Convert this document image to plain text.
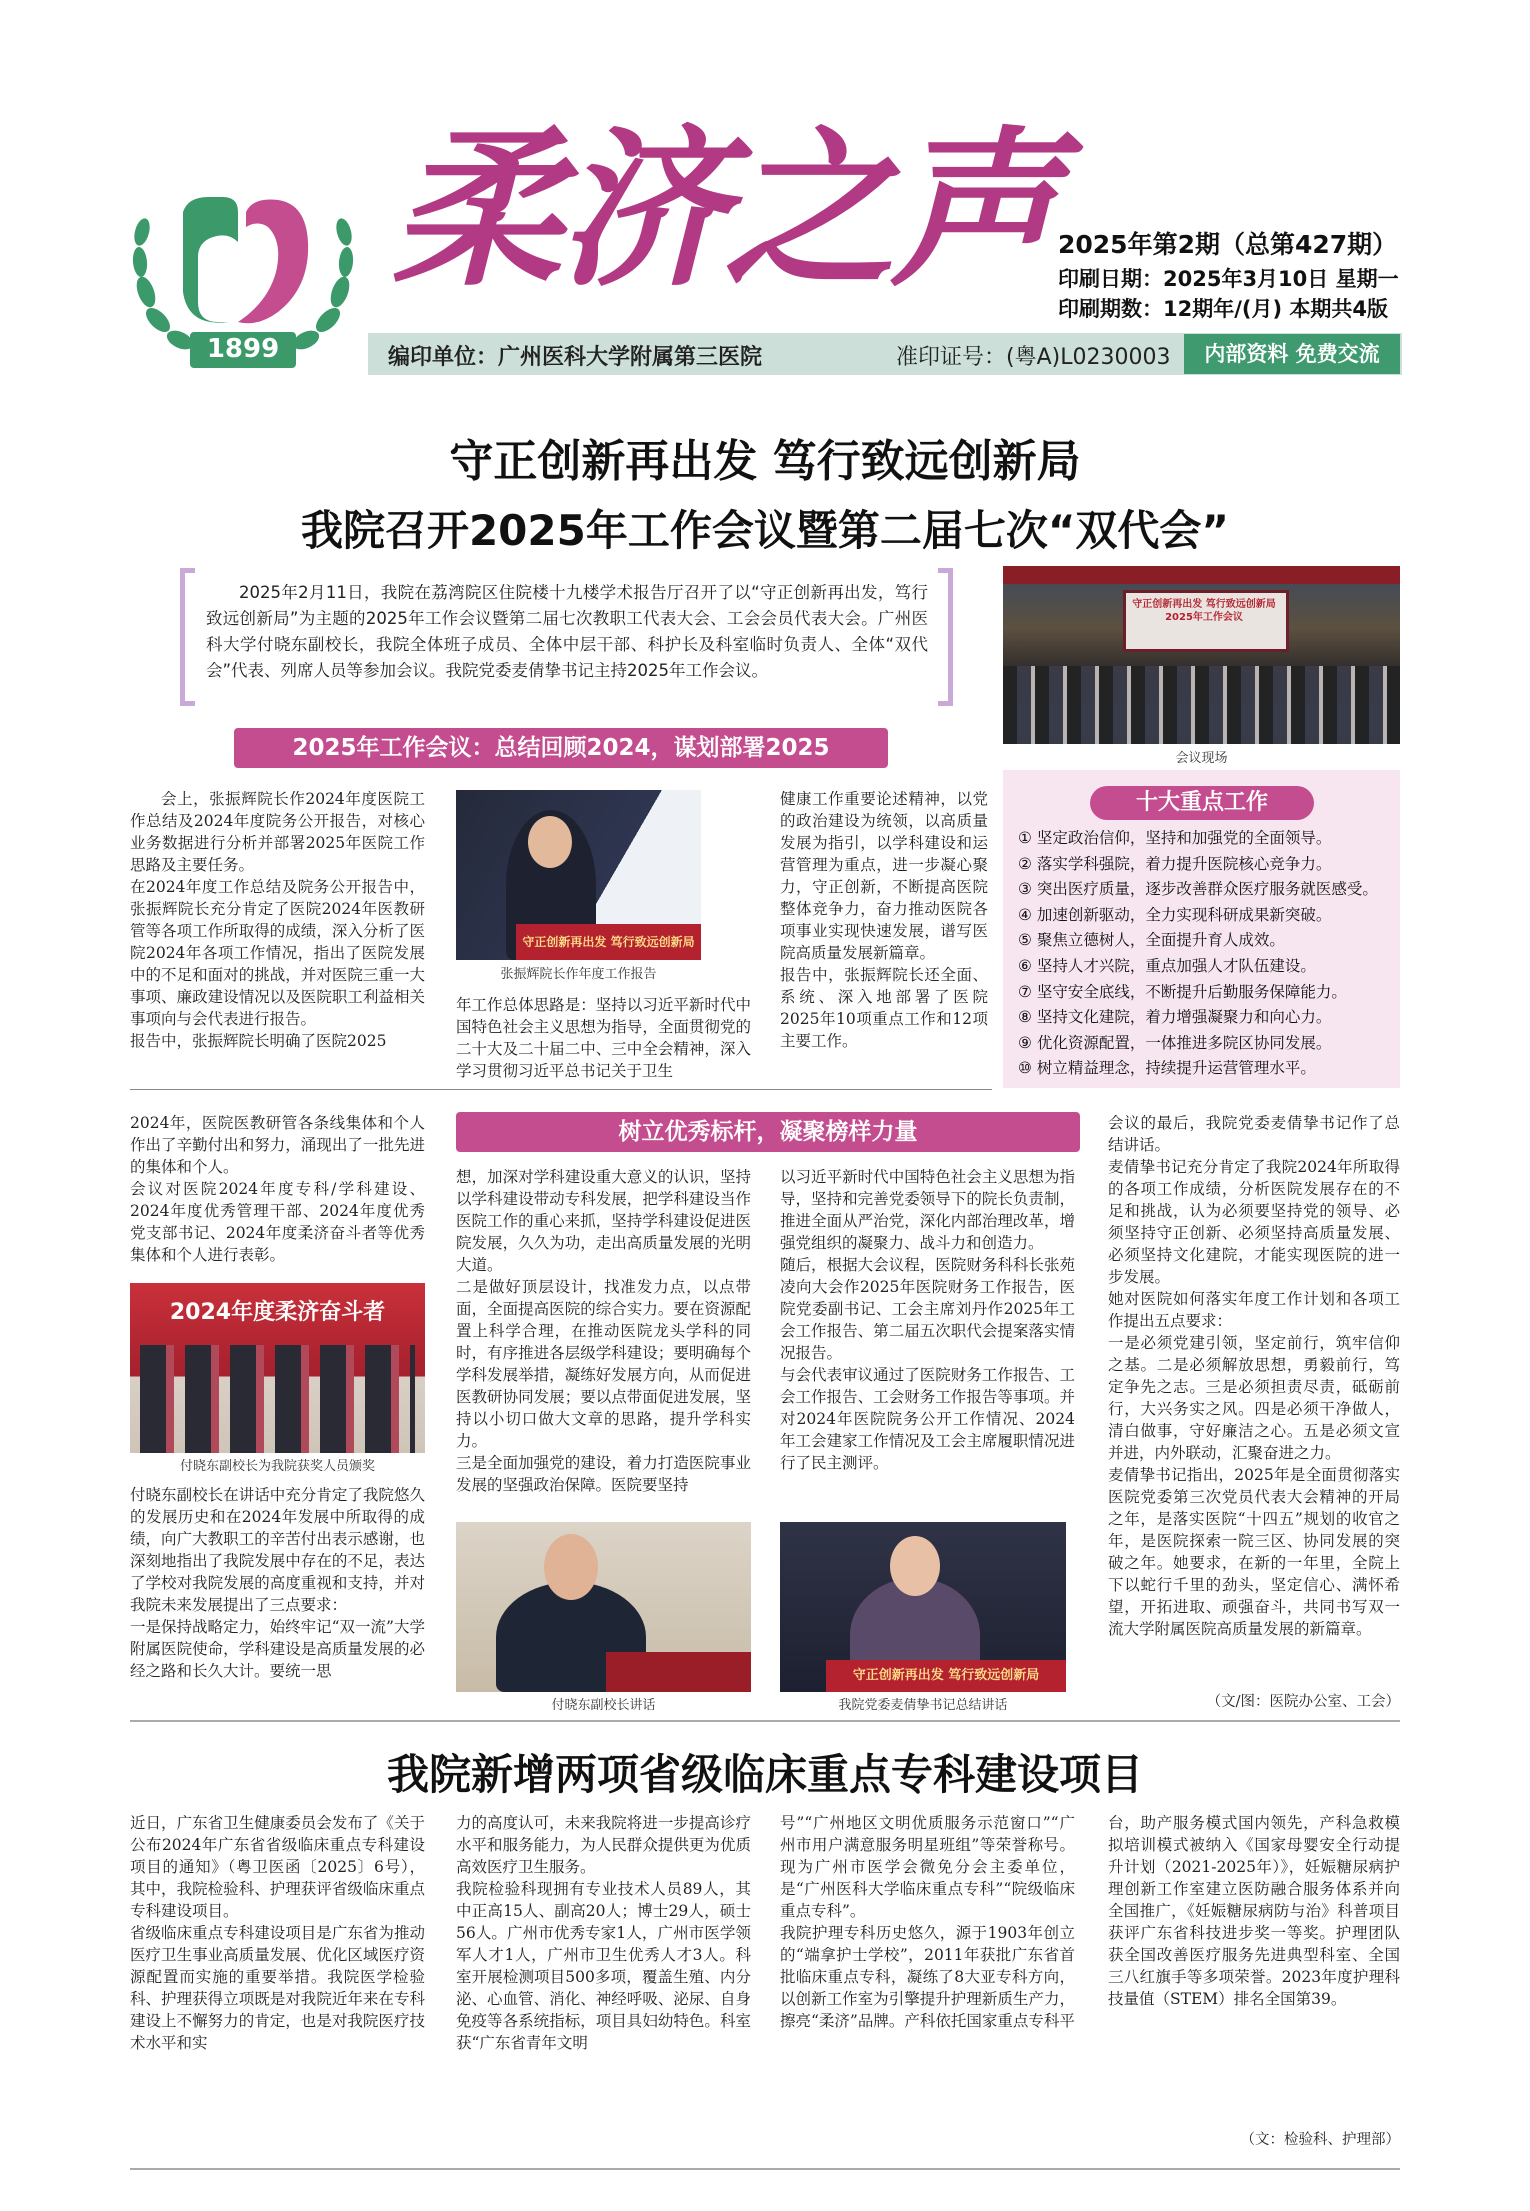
1899
柔济之声 2025年第2期（总第427期）
印刷日期：2025年3月10日 星期一
印刷期数：12期年/(月) 本期共4版
编印单位：广州医科大学附属第三医院	准印证号：(粤A)L0230003	内部资料 免费交流
守正创新再出发 笃行致远创新局
我院召开2025年工作会议暨第二届七次“双代会”

2025年2月11日，我院在荔湾院区住院楼十九楼学术报告厅召开了以“守正创新再出发，笃行致远创新局”为主题的2025年工作会议暨第二届七次教职工代表大会、工会会员代表大会。广州医科大学付晓东副校长，我院全体班子成员、全体中层干部、科护长及科室临时负责人、全体“双代会”代表、列席人员等参加会议。我院党委麦倩挚书记主持2025年工作会议。

守正创新再出发 笃行致远创新局 2025年工作会议
会议现场
2025年工作会议：总结回顾2024，谋划部署2025
会上，张振辉院长作2024年度医院工作总结及2024年度院务公开报告，对核心业务数据进行分析并部署2025年医院工作思路及主要任务。
在2024年度工作总结及院务公开报告中，张振辉院长充分肯定了医院2024年医教研管等各项工作所取得的成绩，深入分析了医院2024年各项工作情况，指出了医院发展中的不足和面对的挑战，并对医院三重一大事项、廉政建设情况以及医院职工利益相关事项向与会代表进行报告。
报告中，张振辉院长明确了医院2025
守正创新再出发 笃行致远创新局
张振辉院长作年度工作报告
年工作总体思路是：坚持以习近平新时代中国特色社会主义思想为指导，全面贯彻党的二十大及二十届二中、三中全会精神，深入学习贯彻习近平总书记关于卫生
健康工作重要论述精神，以党的政治建设为统领，以高质量发展为指引，以学科建设和运营管理为重点，进一步凝心聚力，守正创新，不断提高医院整体竞争力，奋力推动医院各项事业实现快速发展，谱写医院高质量发展新篇章。
报告中，张振辉院长还全面、系统、深入地部署了医院2025年10项重点工作和12项主要工作。
十大重点工作
① 坚定政治信仰，坚持和加强党的全面领导。
② 落实学科强院，着力提升医院核心竞争力。
③ 突出医疗质量，逐步改善群众医疗服务就医感受。
④ 加速创新驱动，全力实现科研成果新突破。
⑤ 聚焦立德树人，全面提升育人成效。
⑥ 坚持人才兴院，重点加强人才队伍建设。
⑦ 坚守安全底线，不断提升后勤服务保障能力。
⑧ 坚持文化建院，着力增强凝聚力和向心力。
⑨ 优化资源配置，一体推进多院区协同发展。
⑩ 树立精益理念，持续提升运营管理水平。
树立优秀标杆，凝聚榜样力量
2024年，医院医教研管各条线集体和个人作出了辛勤付出和努力，涌现出了一批先进的集体和个人。
会议对医院2024年度专科/学科建设、2024年度优秀管理干部、2024年度优秀党支部书记、2024年度柔济奋斗者等优秀集体和个人进行表彰。
2024年度柔济奋斗者
付晓东副校长为我院获奖人员颁奖
付晓东副校长在讲话中充分肯定了我院悠久的发展历史和在2024年发展中所取得的成绩，向广大教职工的辛苦付出表示感谢，也深刻地指出了我院发展中存在的不足，表达了学校对我院发展的高度重视和支持，并对我院未来发展提出了三点要求：
一是保持战略定力，始终牢记“双一流”大学附属医院使命，学科建设是高质量发展的必经之路和长久大计。要统一思
想，加深对学科建设重大意义的认识，坚持以学科建设带动专科发展，把学科建设当作医院工作的重心来抓，坚持学科建设促进医院发展，久久为功，走出高质量发展的光明大道。
二是做好顶层设计，找准发力点，以点带面，全面提高医院的综合实力。要在资源配置上科学合理，在推动医院龙头学科的同时，有序推进各层级学科建设；要明确每个学科发展举措，凝练好发展方向，从而促进医教研协同发展；要以点带面促进发展，坚持以小切口做大文章的思路，提升学科实力。
三是全面加强党的建设，着力打造医院事业发展的坚强政治保障。医院要坚持
付晓东副校长讲话
以习近平新时代中国特色社会主义思想为指导，坚持和完善党委领导下的院长负责制，推进全面从严治党，深化内部治理改革，增强党组织的凝聚力、战斗力和创造力。
随后，根据大会议程，医院财务科科长张苑凌向大会作2025年医院财务工作报告，医院党委副书记、工会主席刘丹作2025年工会工作报告、第二届五次职代会提案落实情况报告。
与会代表审议通过了医院财务工作报告、工会工作报告、工会财务工作报告等事项。并对2024年医院院务公开工作情况、2024年工会建家工作情况及工会主席履职情况进行了民主测评。
守正创新再出发 笃行致远创新局
我院党委麦倩挚书记总结讲话
会议的最后，我院党委麦倩挚书记作了总结讲话。
麦倩挚书记充分肯定了我院2024年所取得的各项工作成绩，分析医院发展存在的不足和挑战，认为必须要坚持党的领导、必须坚持守正创新、必须坚持高质量发展、必须坚持文化建院，才能实现医院的进一步发展。
她对医院如何落实年度工作计划和各项工作提出五点要求：
一是必须党建引领，坚定前行，筑牢信仰之基。二是必须解放思想，勇毅前行，笃定争先之志。三是必须担责尽责，砥砺前行，大兴务实之风。四是必须干净做人，清白做事，守好廉洁之心。五是必须文宣并进，内外联动，汇聚奋进之力。
麦倩挚书记指出，2025年是全面贯彻落实医院党委第三次党员代表大会精神的开局之年，是落实医院“十四五”规划的收官之年，是医院探索一院三区、协同发展的突破之年。她要求，在新的一年里，全院上下以蛇行千里的劲头，坚定信心、满怀希望，开拓进取、顽强奋斗，共同书写双一流大学附属医院高质量发展的新篇章。
（文/图：医院办公室、工会）
我院新增两项省级临床重点专科建设项目
近日，广东省卫生健康委员会发布了《关于公布2024年广东省省级临床重点专科建设项目的通知》（粤卫医函〔2025〕6号），其中，我院检验科、护理获评省级临床重点专科建设项目。
省级临床重点专科建设项目是广东省为推动医疗卫生事业高质量发展、优化区域医疗资源配置而实施的重要举措。我院医学检验科、护理获得立项既是对我院近年来在专科建设上不懈努力的肯定，也是对我院医疗技术水平和实
力的高度认可，未来我院将进一步提高诊疗水平和服务能力，为人民群众提供更为优质高效医疗卫生服务。
我院检验科现拥有专业技术人员89人，其中正高15人、副高20人；博士29人，硕士56人。广州市优秀专家1人，广州市医学领军人才1人，广州市卫生优秀人才3人。科室开展检测项目500多项，覆盖生殖、内分泌、心血管、消化、神经呼吸、泌尿、自身免疫等各系统指标，项目具妇幼特色。科室获“广东省青年文明
号”“广州地区文明优质服务示范窗口”“广州市用户满意服务明星班组”等荣誉称号。现为广州市医学会微免分会主委单位，是“广州医科大学临床重点专科”“院级临床重点专科”。
我院护理专科历史悠久，源于1903年创立的“端拿护士学校”，2011年获批广东省首批临床重点专科，凝练了8大亚专科方向，以创新工作室为引擎提升护理新质生产力，擦亮“柔济”品牌。产科依托国家重点专科平
台，助产服务模式国内领先，产科急救模拟培训模式被纳入《国家母婴安全行动提升计划（2021-2025年）》，妊娠糖尿病护理创新工作室建立医防融合服务体系并向全国推广，《妊娠糖尿病防与治》科普项目获评广东省科技进步奖一等奖。护理团队获全国改善医疗服务先进典型科室、全国三八红旗手等多项荣誉。2023年度护理科技量值（STEM）排名全国第39。
（文：检验科、护理部）
